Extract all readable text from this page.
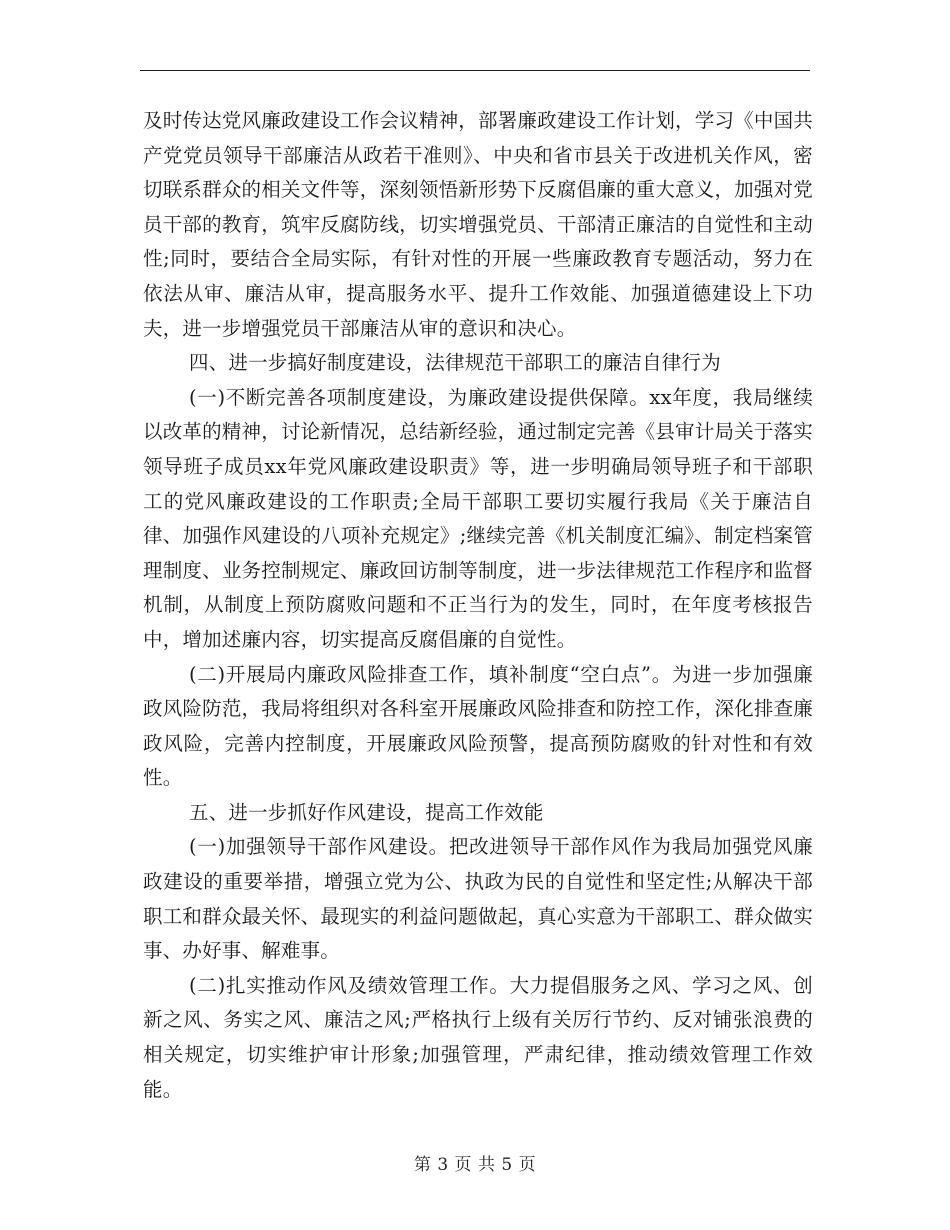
及时传达党风廉政建设工作会议精神，部署廉政建设工作计划，学习《中国共产党党员领导干部廉洁从政若干准则》、中央和省市县关于改进机关作风，密切联系群众的相关文件等，深刻领悟新形势下反腐倡廉的重大意义，加强对党员干部的教育，筑牢反腐防线，切实增强党员、干部清正廉洁的自觉性和主动性;同时，要结合全局实际，有针对性的开展一些廉政教育专题活动，努力在依法从审、廉洁从审，提高服务水平、提升工作效能、加强道德建设上下功夫，进一步增强党员干部廉洁从审的意识和决心。

四、进一步搞好制度建设，法律规范干部职工的廉洁自律行为

(一)不断完善各项制度建设，为廉政建设提供保障。xx年度，我局继续以改革的精神，讨论新情况，总结新经验，通过制定完善《县审计局关于落实领导班子成员xx年党风廉政建设职责》等，进一步明确局领导班子和干部职工的党风廉政建设的工作职责;全局干部职工要切实履行我局《关于廉洁自律、加强作风建设的八项补充规定》;继续完善《机关制度汇编》、制定档案管理制度、业务控制规定、廉政回访制等制度，进一步法律规范工作程序和监督机制，从制度上预防腐败问题和不正当行为的发生，同时，在年度考核报告中，增加述廉内容，切实提高反腐倡廉的自觉性。

(二)开展局内廉政风险排查工作，填补制度“空白点”。为进一步加强廉政风险防范，我局将组织对各科室开展廉政风险排查和防控工作，深化排查廉政风险，完善内控制度，开展廉政风险预警，提高预防腐败的针对性和有效性。

五、进一步抓好作风建设，提高工作效能

(一)加强领导干部作风建设。把改进领导干部作风作为我局加强党风廉政建设的重要举措，增强立党为公、执政为民的自觉性和坚定性;从解决干部职工和群众最关怀、最现实的利益问题做起，真心实意为干部职工、群众做实事、办好事、解难事。

(二)扎实推动作风及绩效管理工作。大力提倡服务之风、学习之风、创新之风、务实之风、廉洁之风;严格执行上级有关厉行节约、反对铺张浪费的相关规定，切实维护审计形象;加强管理，严肃纪律，推动绩效管理工作效能。

第 3 页 共 5 页
